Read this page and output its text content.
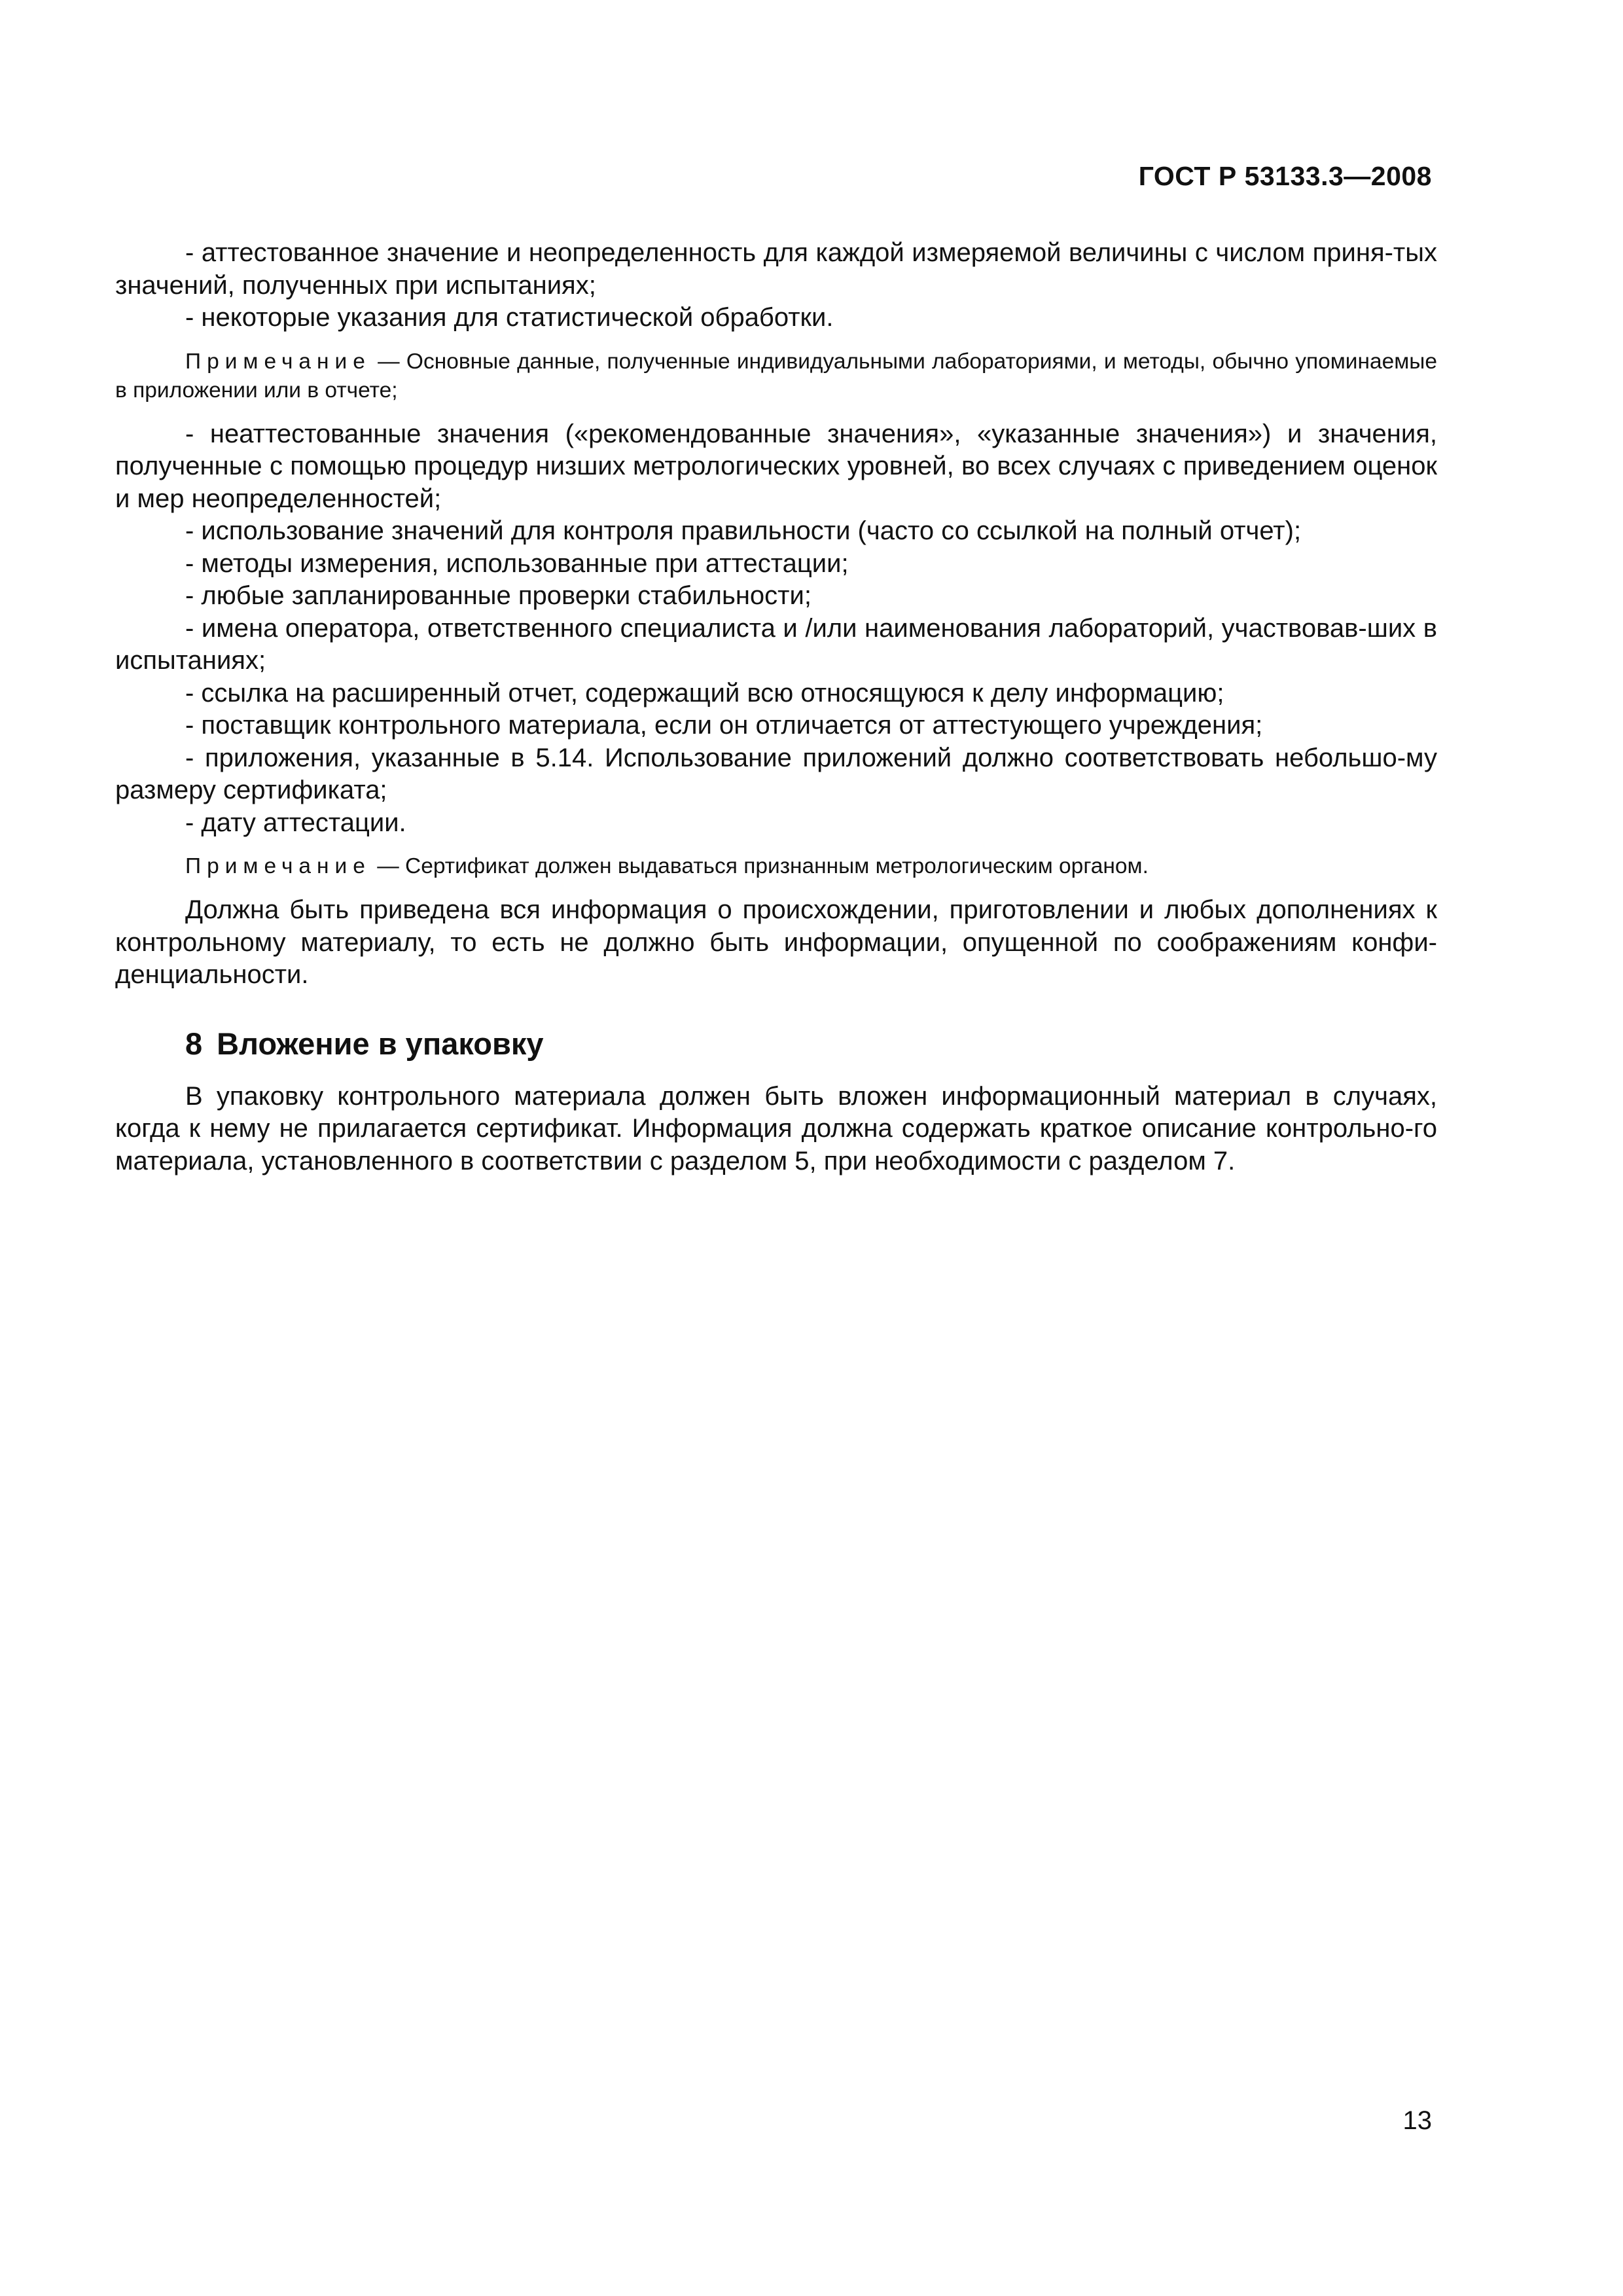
ГОСТ Р 53133.3—2008

- аттестованное значение и неопределенность для каждой измеряемой величины с числом приня-тых значений, полученных при испытаниях;

- некоторые указания для статистической обработки.

Примечание — Основные данные, полученные индивидуальными лабораториями, и методы, обычно упоминаемые в приложении или в отчете;

- неаттестованные значения («рекомендованные значения», «указанные значения») и значения, полученные с помощью процедур низших метрологических уровней, во всех случаях с приведением оценок и мер неопределенностей;

- использование значений для контроля правильности (часто со ссылкой на полный отчет);

- методы измерения, использованные при аттестации;

- любые запланированные проверки стабильности;

- имена оператора, ответственного специалиста и /или наименования лабораторий, участвовав-ших в испытаниях;

- ссылка на расширенный отчет, содержащий всю относящуюся к делу информацию;

- поставщик контрольного материала, если он отличается от аттестующего учреждения;

- приложения, указанные в 5.14. Использование приложений должно соответствовать небольшо-му размеру сертификата;

- дату аттестации.

Примечание — Сертификат должен выдаваться признанным метрологическим органом.

Должна быть приведена вся информация о происхождении, приготовлении и любых дополнениях к контрольному материалу, то есть не должно быть информации, опущенной по соображениям конфи-денциальности.

8 Вложение в упаковку

В упаковку контрольного материала должен быть вложен информационный материал в случаях, когда к нему не прилагается сертификат. Информация должна содержать краткое описание контрольно-го материала, установленного в соответствии с разделом 5, при необходимости с разделом 7.

13
